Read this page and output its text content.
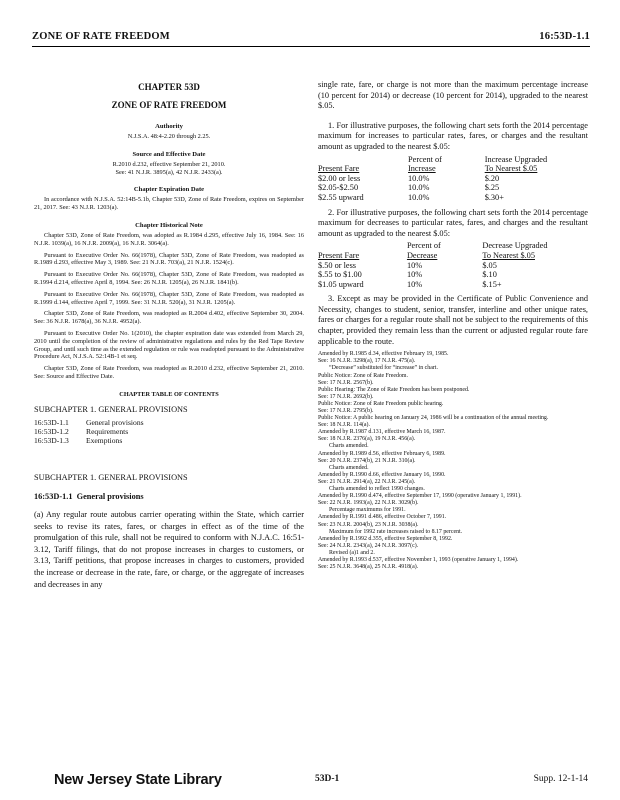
ZONE OF RATE FREEDOM	16:53D-1.1
CHAPTER 53D
ZONE OF RATE FREEDOM
Authority
N.J.S.A. 48:4-2.20 through 2.25.
Source and Effective Date
R.2010 d.232, effective September 21, 2010.
See: 41 N.J.R. 3895(a), 42 N.J.R. 2433(a).
Chapter Expiration Date
In accordance with N.J.S.A. 52:14B-5.1b, Chapter 53D, Zone of Rate Freedom, expires on September 21, 2017. See: 43 N.J.R. 1203(a).
Chapter Historical Note
Chapter 53D, Zone of Rate Freedom, was adopted as R.1984 d.295, effective July 16, 1984. See: 16 N.J.R. 1039(a), 16 N.J.R. 2009(a), 16 N.J.R. 3064(a).
Pursuant to Executive Order No. 66(1978), Chapter 53D, Zone of Rate Freedom, was readopted as R.1989 d.293, effective May 3, 1989. See: 21 N.J.R. 703(a), 21 N.J.R. 1524(c).
Pursuant to Executive Order No. 66(1978), Chapter 53D, Zone of Rate Freedom, was readopted as R.1994 d.214, effective April 8, 1994. See: 26 N.J.R. 1205(a), 26 N.J.R. 1841(b).
Pursuant to Executive Order No. 66(1978), Chapter 53D, Zone of Rate Freedom, was readopted as R.1999 d.144, effective April 7, 1999. See: 31 N.J.R. 520(a), 31 N.J.R. 1205(a).
Chapter 53D, Zone of Rate Freedom, was readopted as R.2004 d.402, effective September 30, 2004. See: 36 N.J.R. 1678(a), 36 N.J.R. 4952(a).
Pursuant to Executive Order No. 1(2010), the chapter expiration date was extended from March 29, 2010 until the completion of the review of administrative regulations and rules by the Red Tape Review Group, and until such time as the extended regulation or rule was readopted pursuant to the Administrative Procedure Act, N.J.S.A. 52:14B-1 et seq.
Chapter 53D, Zone of Rate Freedom, was readopted as R.2010 d.232, effective September 21, 2010. See: Source and Effective Date.
CHAPTER TABLE OF CONTENTS
SUBCHAPTER 1. GENERAL PROVISIONS
16:53D-1.1	General provisions
16:53D-1.2	Requirements
16:53D-1.3	Exemptions
SUBCHAPTER 1. GENERAL PROVISIONS
16:53D-1.1 General provisions
(a) Any regular route autobus carrier operating within the State, which carrier seeks to revise its rates, fares, or charges in effect as of the time of the promulgation of this rule, shall not be required to conform with N.J.A.C. 16:51-3.12, Tariff filings, that do not propose increases in charges to customers, or 3.13, Tariff petitions, that propose increases in charges to customers, provided the increase or decrease in the rate, fare, or charge, or the aggregate of increases and decreases in any
single rate, fare, or charge is not more than the maximum percentage increase (10 percent for 2014) or decrease (10 percent for 2014), upgraded to the nearest $.05.
1. For illustrative purposes, the following chart sets forth the 2014 percentage maximum for increases to particular rates, fares, or charges and the resultant amount as upgraded to the nearest $.05:
	Percent of	Increase Upgraded
Present Fare	Increase	To Nearest $.05
$2.00 or less	10.0%	$.20
$2.05-$2.50	10.0%	$.25
$2.55 upward	10.0%	$.30+
2. For illustrative purposes, the following chart sets forth the 2014 percentage maximum for decreases to particular rates, fares, and charges and the resultant amount as upgraded to the nearest $.05:
	Percent of	Decrease Upgraded
Present Fare	Decrease	To Nearest $.05
$.50 or less	10%	$.05
$.55 to $1.00	10%	$.10
$1.05 upward	10%	$.15+
3. Except as may be provided in the Certificate of Public Convenience and Necessity, changes to student, senior, transfer, interline and other unique rates, fares or charges for a regular route shall not be subject to the requirements of this chapter, provided they remain less than the current or adjusted regular route fare applicable to the route.
Amended by R.1985 d.34, effective February 19, 1985.
See: 16 N.J.R. 3298(a), 17 N.J.R. 475(a).
“Decrease” substituted for “increase” in chart.
Public Notice: Zone of Rate Freedom.
See: 17 N.J.R. 2567(b).
Public Hearing: The Zone of Rate Freedom has been postponed.
See: 17 N.J.R. 2692(b).
Public Notice: Zone of Rate Freedom public hearing.
See: 17 N.J.R. 2795(b).
Public Notice: A public hearing on January 24, 1986 will be a continuation of the annual meeting.
See: 18 N.J.R. 114(a).
Amended by R.1987 d.131, effective March 16, 1987.
See: 18 N.J.R. 2376(a), 19 N.J.R. 456(a).
Charts amended.
Amended by R.1989 d.56, effective February 6, 1989.
See: 20 N.J.R. 2374(b), 21 N.J.R. 310(a).
Charts amended.
Amended by R.1990 d.66, effective January 16, 1990.
See: 21 N.J.R. 2914(a), 22 N.J.R. 245(a).
Charts amended to reflect 1990 changes.
Amended by R.1990 d.474, effective September 17, 1990 (operative January 1, 1991).
See: 22 N.J.R. 1993(a), 22 N.J.R. 3029(b).
Percentage maximums for 1991.
Amended by R.1991 d.486, effective October 7, 1991.
See: 23 N.J.R. 2004(b), 23 N.J.R. 3038(a).
Maximum for 1992 rate increases raised to 8.17 percent.
Amended by R.1992 d.355, effective September 8, 1992.
See: 24 N.J.R. 2343(a), 24 N.J.R. 3097(c).
Revised (a)1 and 2.
Amended by R.1993 d.537, effective November 1, 1993 (operative January 1, 1994).
See: 25 N.J.R. 3648(a), 25 N.J.R. 4918(a).
New Jersey State Library	53D-1	Supp. 12-1-14
